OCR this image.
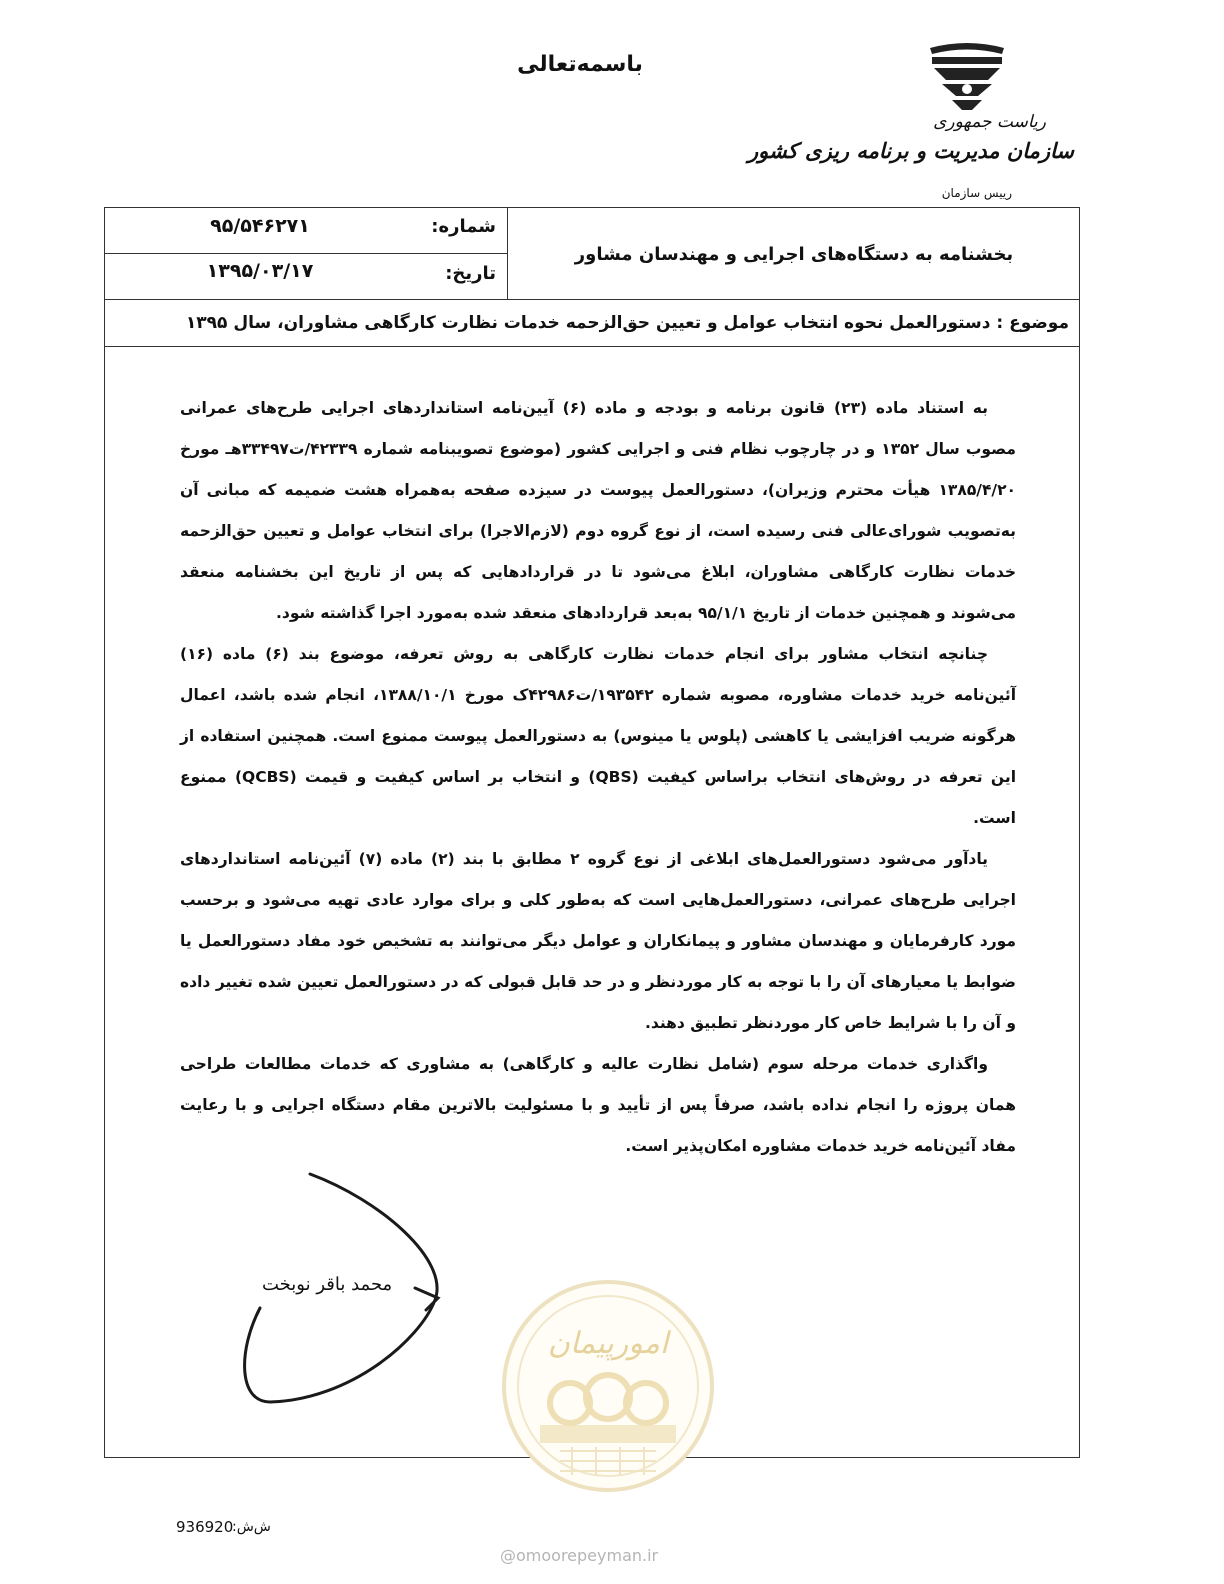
باسمه‌تعالی
ریاست جمهوری
سازمان مدیریت و برنامه ریزی کشور
رییس سازمان
شماره:
۹۵/۵۴۶۲۷۱
تاریخ:
۱۳۹۵/۰۳/۱۷
بخشنامه به دستگاه‌های اجرایی و مهندسان مشاور
موضوع : دستورالعمل نحوه انتخاب عوامل و تعیین حق‌الزحمه خدمات نظارت کارگاهی مشاوران، سال ۱۳۹۵

به استناد ماده (۲۳) قانون برنامه و بودجه و ماده (۶) آیین‌نامه استانداردهای اجرایی طرح‌های عمرانی مصوب سال ۱۳۵۲ و در چارچوب نظام فنی و اجرایی کشور (موضوع تصویبنامه شماره ۴۲۳۳۹/ت۳۳۴۹۷هـ مورخ ۱۳۸۵/۴/۲۰ هیأت محترم وزیران)، دستورالعمل پیوست در سیزده صفحه به‌همراه هشت ضمیمه که مبانی آن به‌تصویب شورای‌عالی فنی رسیده است، از نوع گروه دوم (لازم‌الاجرا) برای انتخاب عوامل و تعیین حق‌الزحمه خدمات نظارت کارگاهی مشاوران، ابلاغ می‌شود تا در قراردادهایی که پس از تاریخ این بخشنامه منعقد می‌شوند و همچنین خدمات از تاریخ ۹۵/۱/۱ به‌بعد قراردادهای منعقد شده به‌مورد اجرا گذاشته شود.

چنانچه انتخاب مشاور برای انجام خدمات نظارت کارگاهی به روش تعرفه، موضوع بند (۶) ماده (۱۶) آئین‌نامه خرید خدمات مشاوره، مصوبه شماره ۱۹۳۵۴۲/ت۴۲۹۸۶ک مورخ ۱۳۸۸/۱۰/۱، انجام شده باشد، اعمال هرگونه ضریب افزایشی یا کاهشی (پلوس یا مینوس) به دستورالعمل پیوست ممنوع است. همچنین استفاده از این تعرفه در روش‌های انتخاب براساس کیفیت (QBS) و انتخاب بر اساس کیفیت و قیمت (QCBS) ممنوع است.

یادآور می‌شود دستورالعمل‌های ابلاغی از نوع گروه ۲ مطابق با بند (۲) ماده (۷) آئین‌نامه استانداردهای اجرایی طرح‌های عمرانی، دستورالعمل‌هایی است که به‌طور کلی و برای موارد عادی تهیه می‌شود و برحسب مورد کارفرمایان و مهندسان مشاور و پیمانکاران و عوامل دیگر می‌توانند به تشخیص خود مفاد دستورالعمل یا ضوابط یا معیارهای آن را با توجه به کار موردنظر و در حد قابل قبولی که در دستورالعمل تعیین شده تغییر داده و آن را با شرایط خاص کار موردنظر تطبیق دهند.

واگذاری خدمات مرحله سوم (شامل نظارت عالیه و کارگاهی) به مشاوری که خدمات مطالعات طراحی همان پروژه را انجام نداده باشد، صرفاً پس از تأیید و با مسئولیت بالاترین مقام دستگاه اجرایی و با رعایت مفاد آئین‌نامه خرید خدمات مشاوره امکان‌پذیر است.

محمد باقر نوبخت
امورپیمان
936920
ش‌ش:
@omoorepeyman.ir
